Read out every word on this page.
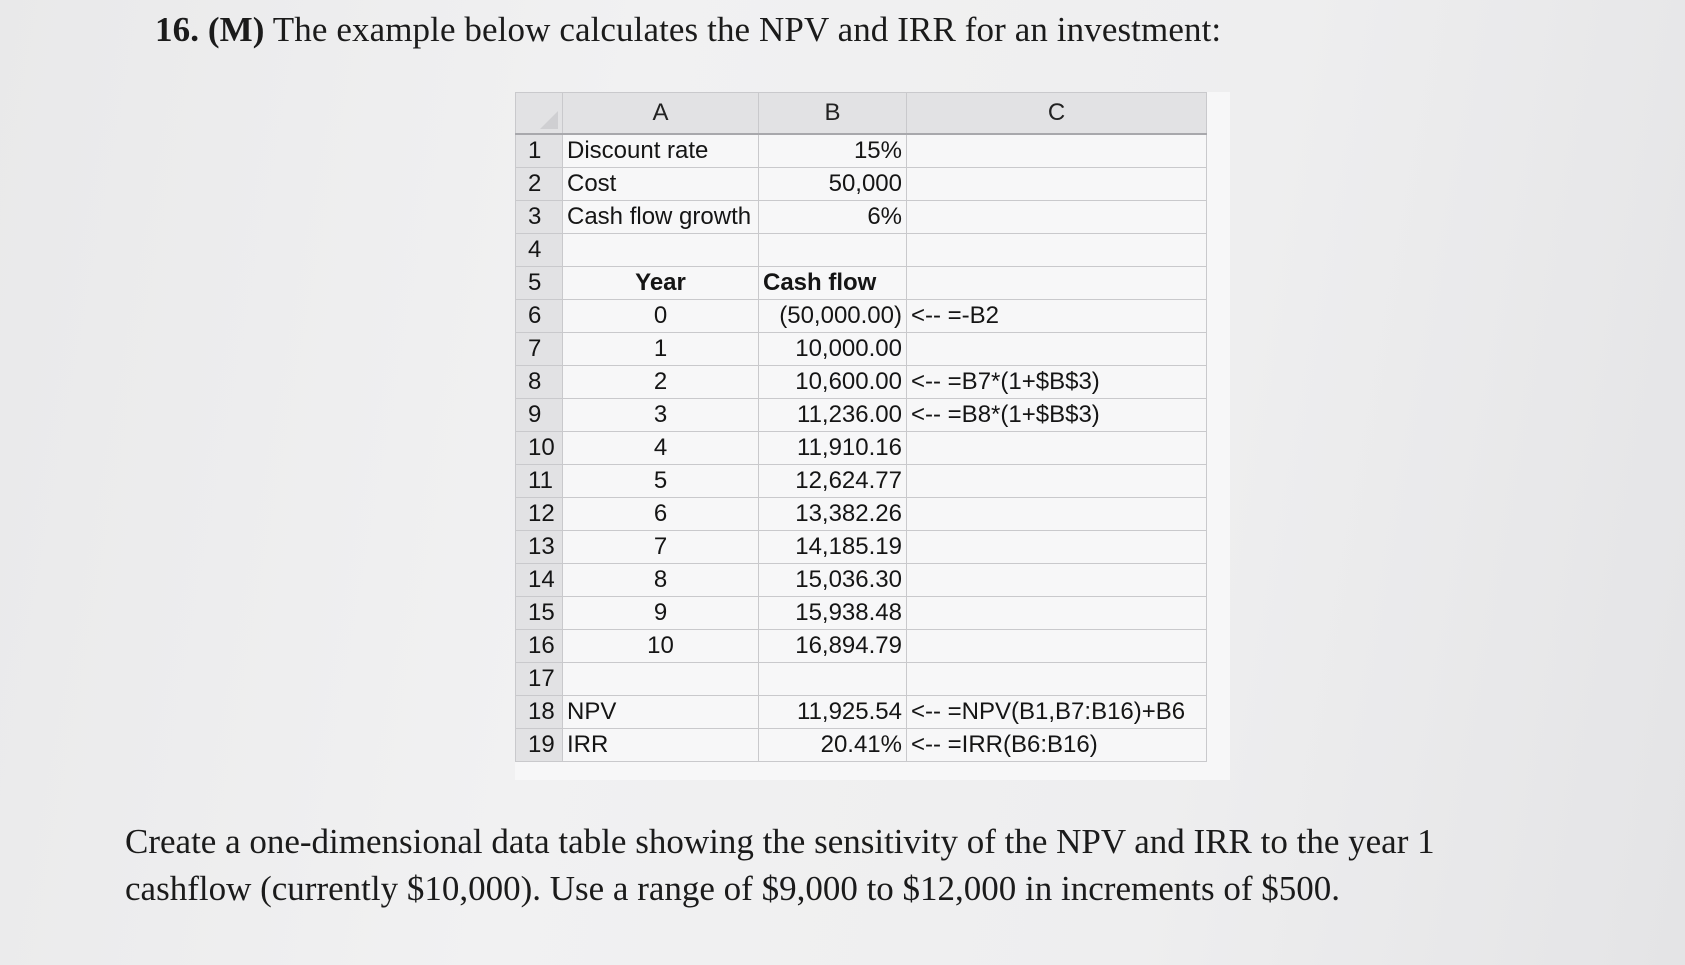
16. (M) The example below calculates the NPV and IRR for an investment:
	A	B	C
1	Discount rate	15%	
2	Cost	50,000	
3	Cash flow growth	6%	
4			
5	Year	Cash flow	
6	0	(50,000.00)	<-- =-B2
7	1	10,000.00	
8	2	10,600.00	<-- =B7*(1+$B$3)
9	3	11,236.00	<-- =B8*(1+$B$3)
10	4	11,910.16	
11	5	12,624.77	
12	6	13,382.26	
13	7	14,185.19	
14	8	15,036.30	
15	9	15,938.48	
16	10	16,894.79	
17			
18	NPV	11,925.54	<-- =NPV(B1,B7:B16)+B6
19	IRR	20.41%	<-- =IRR(B6:B16)

Create a one-dimensional data table showing the sensitivity of the NPV and IRR to the year 1

cashflow (currently $10,000). Use a range of $9,000 to $12,000 in increments of $500.
